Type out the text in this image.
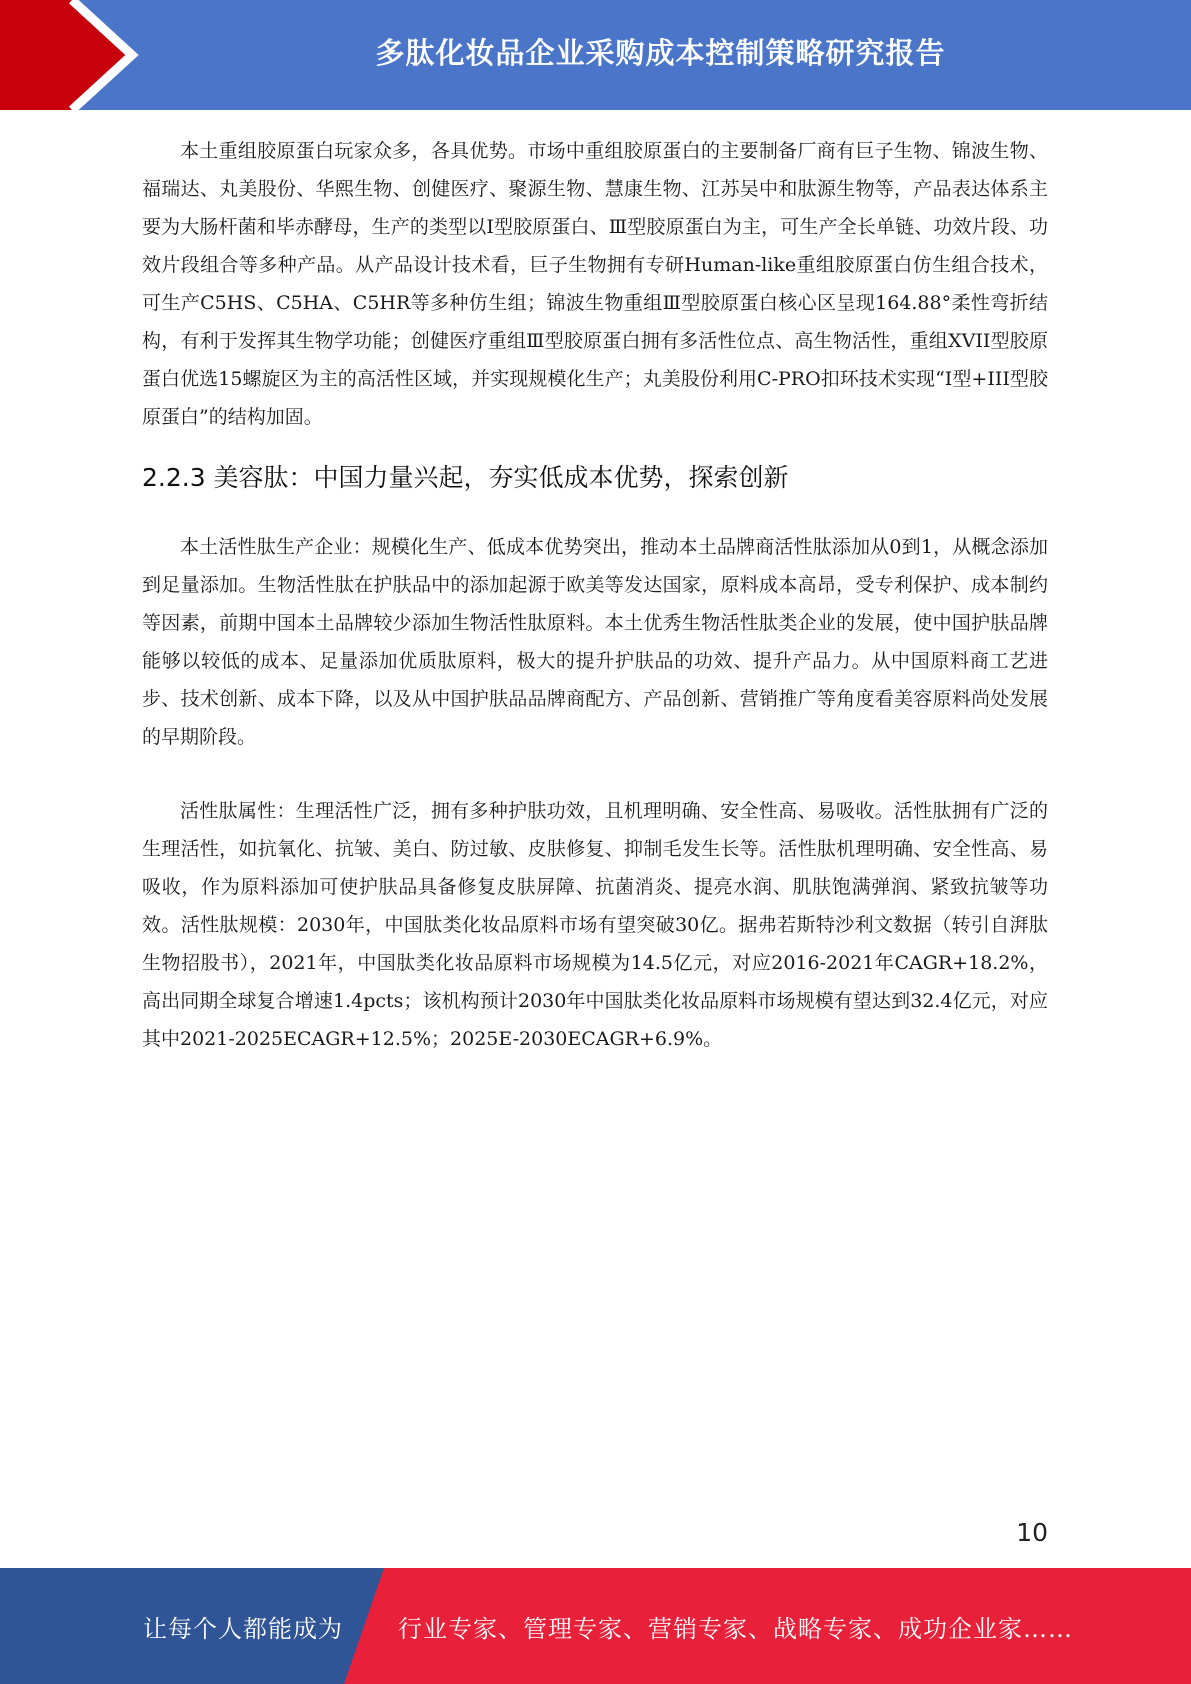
多肽化妆品企业采购成本控制策略研究报告

本土重组胶原蛋白玩家众多，各具优势。市场中重组胶原蛋白的主要制备厂商有巨子生物、锦波生物、福瑞达、丸美股份、华熙生物、创健医疗、聚源生物、慧康生物、江苏吴中和肽源生物等，产品表达体系主要为大肠杆菌和毕赤酵母，生产的类型以Ⅰ型胶原蛋白、Ⅲ型胶原蛋白为主，可生产全长单链、功效片段、功效片段组合等多种产品。从产品设计技术看，巨子生物拥有专研Human-like重组胶原蛋白仿生组合技术，可生产C5HS、C5HA、C5HR等多种仿生组；锦波生物重组Ⅲ型胶原蛋白核心区呈现164.88°柔性弯折结构，有利于发挥其生物学功能；创健医疗重组Ⅲ型胶原蛋白拥有多活性位点、高生物活性，重组XVII型胶原蛋白优选15螺旋区为主的高活性区域，并实现规模化生产；丸美股份利用C-PRO扣环技术实现“I型+III型胶原蛋白”的结构加固。

2.2.3 美容肽：中国力量兴起，夯实低成本优势，探索创新

本土活性肽生产企业：规模化生产、低成本优势突出，推动本土品牌商活性肽添加从0到1，从概念添加到足量添加。生物活性肽在护肤品中的添加起源于欧美等发达国家，原料成本高昂，受专利保护、成本制约等因素，前期中国本土品牌较少添加生物活性肽原料。本土优秀生物活性肽类企业的发展，使中国护肤品牌能够以较低的成本、足量添加优质肽原料，极大的提升护肤品的功效、提升产品力。从中国原料商工艺进步、技术创新、成本下降，以及从中国护肤品品牌商配方、产品创新、营销推广等角度看美容原料尚处发展的早期阶段。

活性肽属性：生理活性广泛，拥有多种护肤功效，且机理明确、安全性高、易吸收。活性肽拥有广泛的生理活性，如抗氧化、抗皱、美白、防过敏、皮肤修复、抑制毛发生长等。活性肽机理明确、安全性高、易吸收，作为原料添加可使护肤品具备修复皮肤屏障、抗菌消炎、提亮水润、肌肤饱满弹润、紧致抗皱等功效。活性肽规模：2030年，中国肽类化妆品原料市场有望突破30亿。据弗若斯特沙利文数据（转引自湃肽生物招股书），2021年，中国肽类化妆品原料市场规模为14.5亿元，对应2016-2021年CAGR+18.2%，高出同期全球复合增速1.4pcts；该机构预计2030年中国肽类化妆品原料市场规模有望达到32.4亿元，对应其中2021-2025ECAGR+12.5%；2025E-2030ECAGR+6.9%。

10
让每个人都能成为 行业专家、管理专家、营销专家、战略专家、成功企业家……
